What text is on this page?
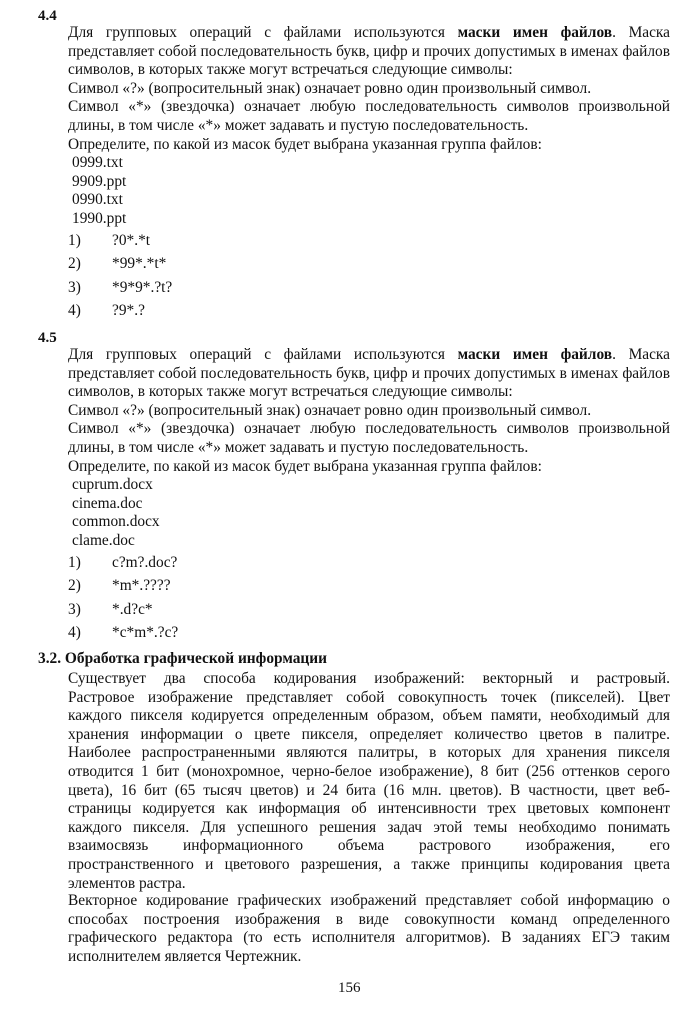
4.4

Для групповых операций с файлами используются маски имен файлов. Маска представляет собой последовательность букв, цифр и прочих допустимых в именах файлов символов, в которых также могут встречаться следующие символы:

Символ «?» (вопросительный знак) означает ровно один произвольный символ.

Символ «*» (звездочка) означает любую последовательность символов произвольной длины, в том числе «*» может задавать и пустую последовательность.

Определите, по какой из масок будет выбрана указанная группа файлов:

0999.txt
9909.ppt
0990.txt
1990.ppt
1) ?0*.*t
2) *99*.*t*
3) *9*9*.?t?
4) ?9*.?
4.5

Для групповых операций с файлами используются маски имен файлов. Маска представляет собой последовательность букв, цифр и прочих допустимых в именах файлов символов, в которых также могут встречаться следующие символы:

Символ «?» (вопросительный знак) означает ровно один произвольный символ.

Символ «*» (звездочка) означает любую последовательность символов произвольной длины, в том числе «*» может задавать и пустую последовательность.

Определите, по какой из масок будет выбрана указанная группа файлов:

cuprum.docx
cinema.doc
common.docx
clame.doc
1) c?m?.doc?
2) *m*.????
3) *.d?c*
4) *c*m*.?c?
3.2. Обработка графической информации
Существует два способа кодирования изображений: векторный и растровый.
Растровое изображение представляет собой совокупность точек (пикселей). Цвет
каждого пикселя кодируется определенным образом, объем памяти, необходимый для
хранения информации о цвете пикселя, определяет количество цветов в палитре.
Наиболее распространенными являются палитры, в которых для хранения пикселя
отводится 1 бит (монохромное, черно-белое изображение), 8 бит (256 оттенков серого
цвета), 16 бит (65 тысяч цветов) и 24 бита (16 млн. цветов). В частности, цвет веб-
страницы кодируется как информация об интенсивности трех цветовых компонент
каждого пикселя. Для успешного решения задач этой темы необходимо понимать
взаимосвязь информационного объема растрового изображения, его
пространственного и цветового разрешения, а также принципы кодирования цвета
элементов растра.
Векторное кодирование графических изображений представляет собой информацию о
способах построения изображения в виде совокупности команд определенного
графического редактора (то есть исполнителя алгоритмов). В заданиях ЕГЭ таким
исполнителем является Чертежник.
156
